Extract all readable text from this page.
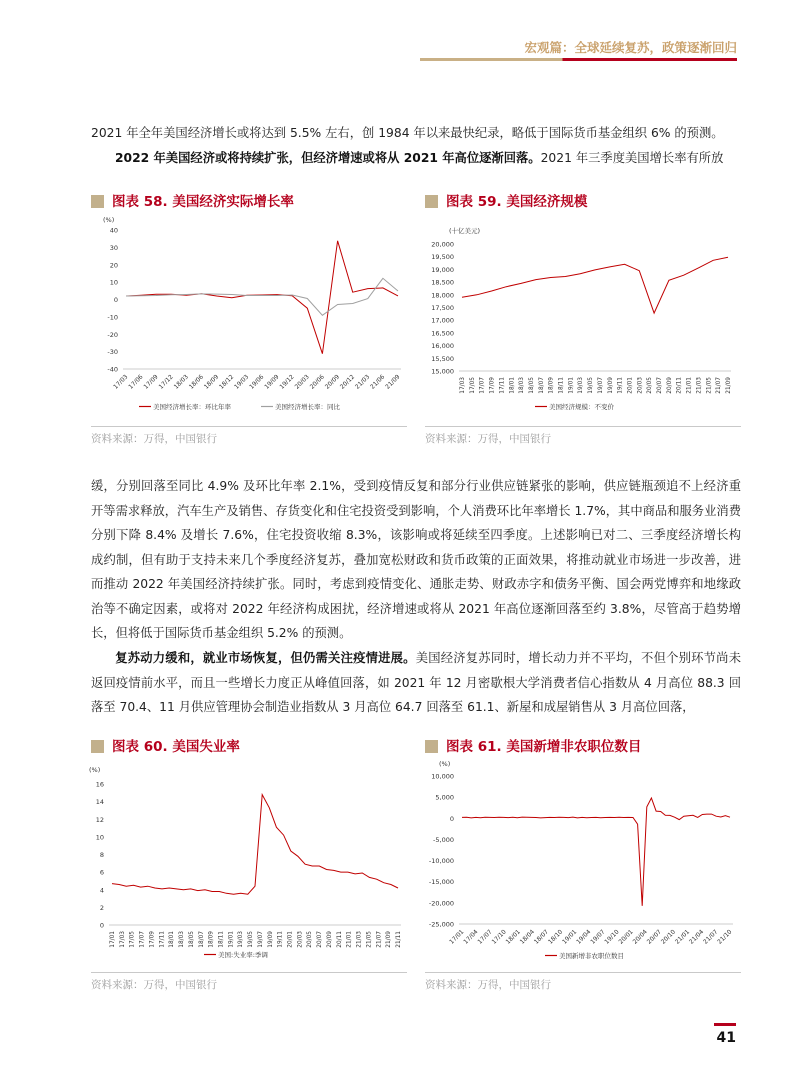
宏观篇：全球延续复苏，政策逐渐回归
2021 年全年美国经济增长或将达到 5.5% 左右，创 1984 年以来最快纪录，略低于国际货币基金组织 6% 的预测。
2022 年美国经济或将持续扩张，但经济增速或将从 2021 年高位逐渐回落。2021 年三季度美国增长率有所放
图表 58. 美国经济实际增长率
(%)
40
30
20
10
0
-10
-20
-30
-40
17/03
17/06
17/09
17/12
18/03
18/06
18/09
18/12
19/03
19/06
19/09
19/12
20/03
20/06
20/09
20/12
21/03
21/06
21/09
美国经济增长率：环比年率	美国经济增长率：同比
资料来源：万得，中国银行
图表 59. 美国经济规模
(十亿美元)
20,000
19,500
19,000
18,500
18,000
17,500
17,000
16,500
16,000
15,500
15,000
17/03 17/05 17/07 17/09 17/11 18/01 18/03 18/05 18/07 18/09 18/11 19/01 19/03 19/05 19/07 19/09 19/11 20/01 20/03 20/05 20/07 20/09 20/11 21/01 21/03 21/05 21/07 21/09
美国经济规模：不变价
资料来源：万得，中国银行
缓，分别回落至同比 4.9% 及环比年率 2.1%，受到疫情反复和部分行业供应链紧张的影响，供应链瓶颈追不上经济重开等需求释放，汽车生产及销售、存货变化和住宅投资受到影响，个人消费环比年率增长 1.7%，其中商品和服务业消费分别下降 8.4% 及增长 7.6%，住宅投资收缩 8.3%，该影响或将延续至四季度。上述影响已对二、三季度经济增长构成约制，但有助于支持未来几个季度经济复苏，叠加宽松财政和货币政策的正面效果，将推动就业市场进一步改善，进而推动 2022 年美国经济持续扩张。同时，考虑到疫情变化、通胀走势、财政赤字和债务平衡、国会两党博弈和地缘政治等不确定因素，或将对 2022 年经济构成困扰，经济增速或将从 2021 年高位逐渐回落至约 3.8%，尽管高于趋势增长，但将低于国际货币基金组织 5.2% 的预测。
复苏动力缓和，就业市场恢复，但仍需关注疫情进展。美国经济复苏同时，增长动力并不平均，不但个别环节尚未返回疫情前水平，而且一些增长力度正从峰值回落，如 2021 年 12 月密歇根大学消费者信心指数从 4 月高位 88.3 回落至 70.4、11 月供应管理协会制造业指数从 3 月高位 64.7 回落至 61.1、新屋和成屋销售从 3 月高位回落，
图表 60. 美国失业率
(%)
16
14
12
10
8
6
4
2
0
17/01 17/03 17/05 17/07 17/09 17/11 18/01 18/03 18/05 18/07 18/09 18/11 19/01 19/03 19/05 19/07 19/09 19/11 20/01 20/03 20/05 20/07 20/09 20/11 21/01 21/03 21/05 21/07 21/09 21/11
美国:失业率:季调
资料来源：万得，中国银行
图表 61. 美国新增非农职位数目
(%)
10,000
5,000
0
-5,000
-10,000
-15,000
-20,000
-25,000
17/01
17/04
17/07
17/10
18/01
18/04
18/07
18/10
19/01
19/04
19/07
19/10
20/01
20/04
20/07
20/10
21/01
21/04
21/07
21/10
美国新增非农职位数目
资料来源：万得，中国银行
41
